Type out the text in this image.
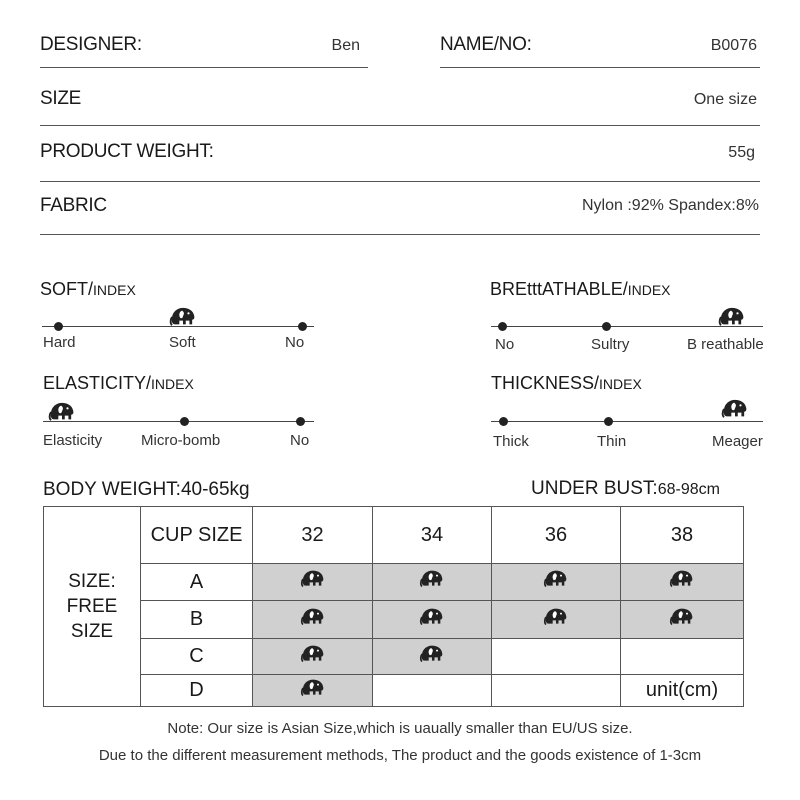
DESIGNER:	Ben	NAME/NO:	B0076
SIZE	One size
PRODUCT WEIGHT:	55g
FABRIC	Nylon :92% Spandex:8%
SOFT/INDEX
Hard	Soft	No
BREtttATHABLE/INDEX
No	Sultry	B reathable
ELASTICITY/INDEX
Elasticity	Micro-bomb	No
THICKNESS/INDEX
Thick	Thin	Meager
BODY WEIGHT:40-65kg	UNDER BUST:68-98cm
SIZE:
FREE SIZE	CUP SIZE	32	34	36	38
	A				
	B				
	C				
	D				unit(cm)
Note: Our size is Asian Size,which is uaually smaller than EU/US size.
Due to the different measurement methods, The product and the goods existence of 1-3cm
